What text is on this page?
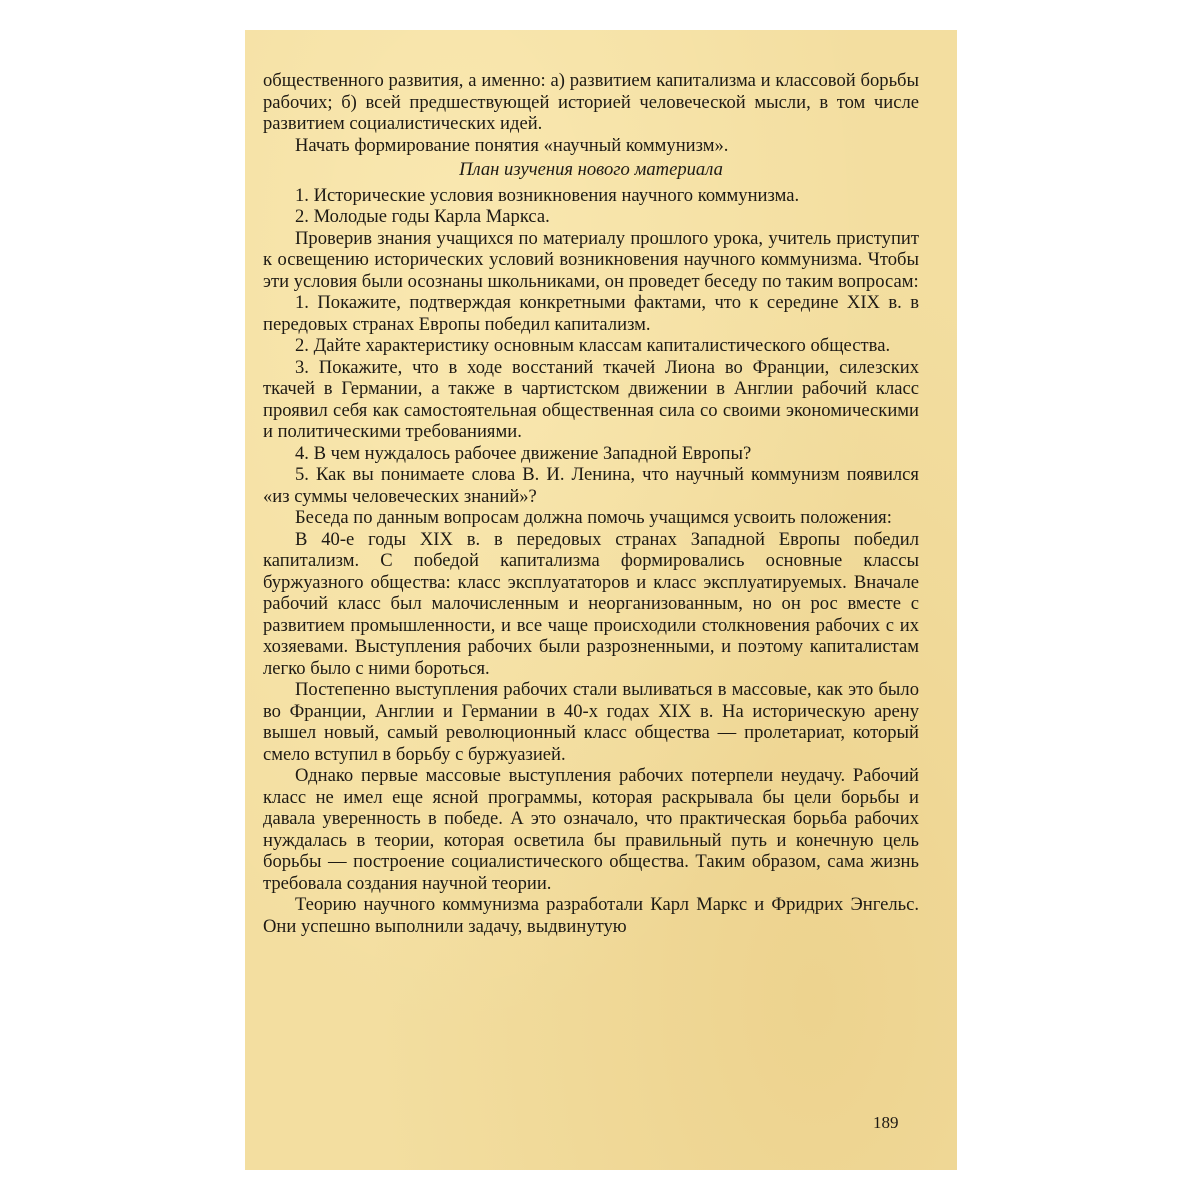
общественного развития, а именно: а) развитием капитализма и классовой борьбы рабочих; б) всей предшествующей историей человеческой мысли, в том числе развитием социалистических идей.

Начать формирование понятия «научный коммунизм».

План изучения нового материала

1. Исторические условия возникновения научного коммунизма.

2. Молодые годы Карла Маркса.

Проверив знания учащихся по материалу прошлого урока, учитель приступит к освещению исторических условий возникновения научного коммунизма. Чтобы эти условия были осознаны школьниками, он проведет беседу по таким вопросам:

1. Покажите, подтверждая конкретными фактами, что к середине XIX в. в передовых странах Европы победил капитализм.

2. Дайте характеристику основным классам капиталистического общества.

3. Покажите, что в ходе восстаний ткачей Лиона во Франции, силезских ткачей в Германии, а также в чартистском движении в Англии рабочий класс проявил себя как самостоятельная общественная сила со своими экономическими и политическими требованиями.

4. В чем нуждалось рабочее движение Западной Европы?

5. Как вы понимаете слова В. И. Ленина, что научный коммунизм появился «из суммы человеческих знаний»?

Беседа по данным вопросам должна помочь учащимся усвоить положения:

В 40-е годы XIX в. в передовых странах Западной Европы победил капитализм. С победой капитализма формировались основные классы буржуазного общества: класс эксплуататоров и класс эксплуатируемых. Вначале рабочий класс был малочисленным и неорганизованным, но он рос вместе с развитием промышленности, и все чаще происходили столкновения рабочих с их хозяевами. Выступления рабочих были разрозненными, и поэтому капиталистам легко было с ними бороться.

Постепенно выступления рабочих стали выливаться в массовые, как это было во Франции, Англии и Германии в 40-х годах XIX в. На историческую арену вышел новый, самый революционный класс общества — пролетариат, который смело вступил в борьбу с буржуазией.

Однако первые массовые выступления рабочих потерпели неудачу. Рабочий класс не имел еще ясной программы, которая раскрывала бы цели борьбы и давала уверенность в победе. А это означало, что практическая борьба рабочих нуждалась в теории, которая осветила бы правильный путь и конечную цель борьбы — построение социалистического общества. Таким образом, сама жизнь требовала создания научной теории.

Теорию научного коммунизма разработали Карл Маркс и Фридрих Энгельс. Они успешно выполнили задачу, выдвинутую

189
